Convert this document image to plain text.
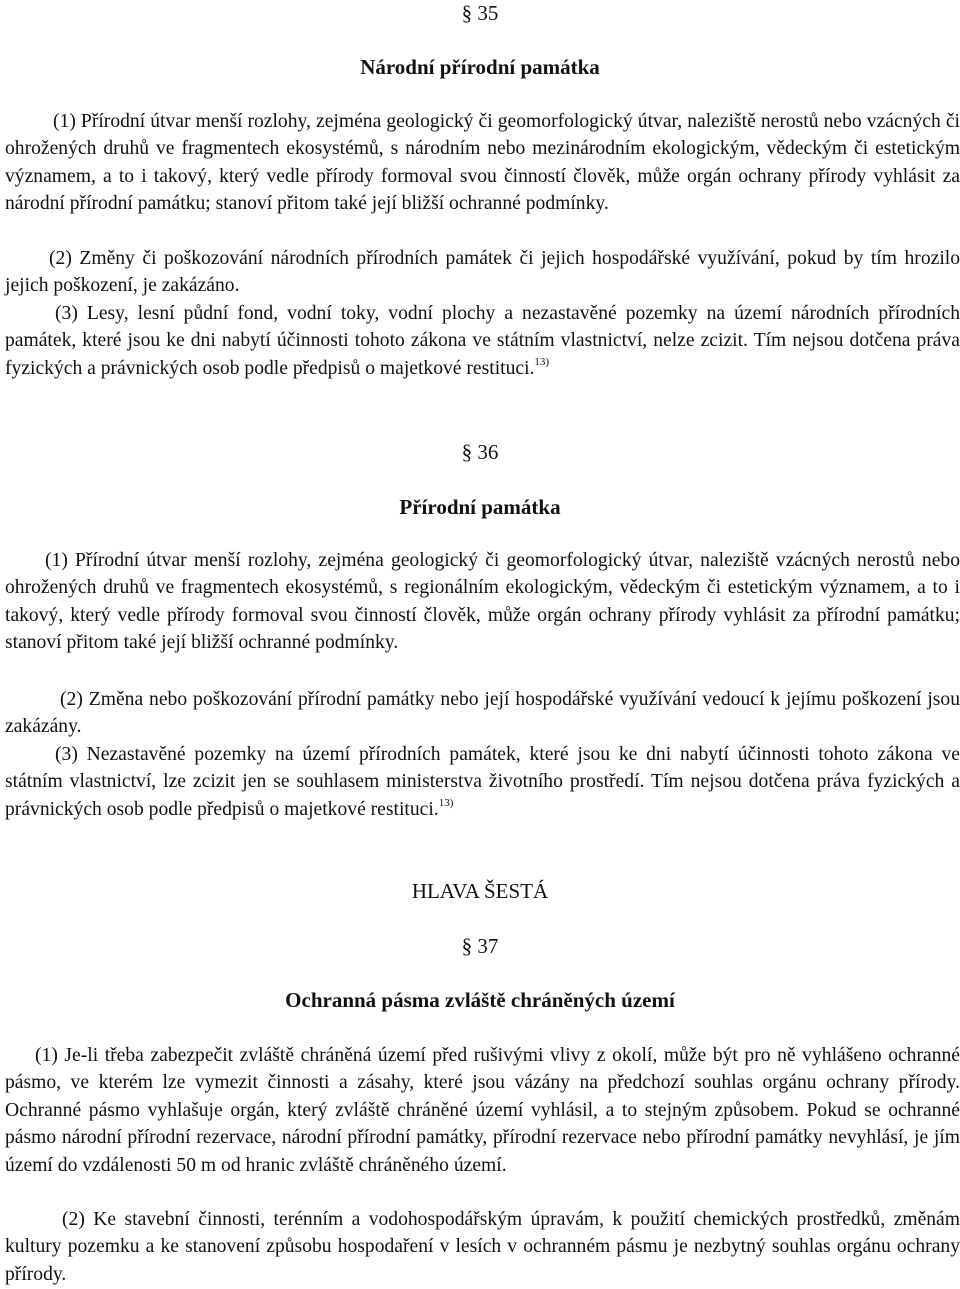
§ 35
Národní přírodní památka

(1) Přírodní útvar menší rozlohy, zejména geologický či geomorfologický útvar, naleziště nerostů nebo vzácných či ohrožených druhů ve fragmentech ekosystémů, s národním nebo mezinárodním ekologickým, vědeckým či estetickým významem, a to i takový, který vedle přírody formoval svou činností člověk, může orgán ochrany přírody vyhlásit za národní přírodní památku; stanoví přitom také její bližší ochranné podmínky.

(2) Změny či poškozování národních přírodních památek či jejich hospodářské využívání, pokud by tím hrozilo jejich poškození, je zakázáno.

(3) Lesy, lesní půdní fond, vodní toky, vodní plochy a nezastavěné pozemky na území národních přírodních památek, které jsou ke dni nabytí účinnosti tohoto zákona ve státním vlastnictví, nelze zcizit. Tím nejsou dotčena práva fyzických a právnických osob podle předpisů o majetkové restituci.$^{13)}$

§ 36
Přírodní památka

(1) Přírodní útvar menší rozlohy, zejména geologický či geomorfologický útvar, naleziště vzácných nerostů nebo ohrožených druhů ve fragmentech ekosystémů, s regionálním ekologickým, vědeckým či estetickým významem, a to i takový, který vedle přírody formoval svou činností člověk, může orgán ochrany přírody vyhlásit za přírodní památku; stanoví přitom také její bližší ochranné podmínky.

(2) Změna nebo poškozování přírodní památky nebo její hospodářské využívání vedoucí k jejímu poškození jsou zakázány.

(3) Nezastavěné pozemky na území přírodních památek, které jsou ke dni nabytí účinnosti tohoto zákona ve státním vlastnictví, lze zcizit jen se souhlasem ministerstva životního prostředí. Tím nejsou dotčena práva fyzických a právnických osob podle předpisů o majetkové restituci.$^{13)}$

HLAVA ŠESTÁ
§ 37
Ochranná pásma zvláště chráněných území

(1) Je-li třeba zabezpečit zvláště chráněná území před rušivými vlivy z okolí, může být pro ně vyhlášeno ochranné pásmo, ve kterém lze vymezit činnosti a zásahy, které jsou vázány na předchozí souhlas orgánu ochrany přírody. Ochranné pásmo vyhlašuje orgán, který zvláště chráněné území vyhlásil, a to stejným způsobem. Pokud se ochranné pásmo národní přírodní rezervace, národní přírodní památky, přírodní rezervace nebo přírodní památky nevyhlásí, je jím území do vzdálenosti 50 m od hranic zvláště chráněného území.

(2) Ke stavební činnosti, terénním a vodohospodářským úpravám, k použití chemických prostředků, změnám kultury pozemku a ke stanovení způsobu hospodaření v lesích v ochranném pásmu je nezbytný souhlas orgánu ochrany přírody.
